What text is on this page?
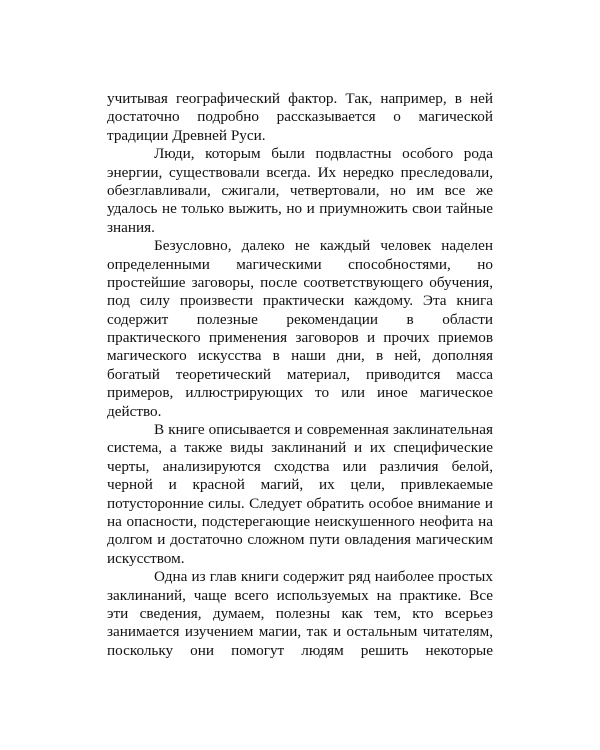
учитывая географический фактор. Так, например, в ней
достаточно подробно рассказывается о магической
традиции Древней Руси.
Люди, которым были подвластны особого рода
энергии, существовали всегда. Их нередко преследовали,
обезглавливали, сжигали, четвертовали, но им все же
удалось не только выжить, но и приумножить свои тайные
знания.
Безусловно, далеко не каждый человек наделен
определенными магическими способностями, но
простейшие заговоры, после соответствующего обучения,
под силу произвести практически каждому. Эта книга
содержит полезные рекомендации в области
практического применения заговоров и прочих приемов
магического искусства в наши дни, в ней, дополняя
богатый теоретический материал, приводится масса
примеров, иллюстрирующих то или иное магическое
действо.
В книге описывается и современная заклинательная
система, а также виды заклинаний и их специфические
черты, анализируются сходства или различия белой,
черной и красной магий, их цели, привлекаемые
потусторонние силы. Следует обратить особое внимание и
на опасности, подстерегающие неискушенного неофита на
долгом и достаточно сложном пути овладения магическим
искусством.
Одна из глав книги содержит ряд наиболее простых
заклинаний, чаще всего используемых на практике. Все
эти сведения, думаем, полезны как тем, кто всерьез
занимается изучением магии, так и остальным читателям,
поскольку они помогут людям решить некоторые
